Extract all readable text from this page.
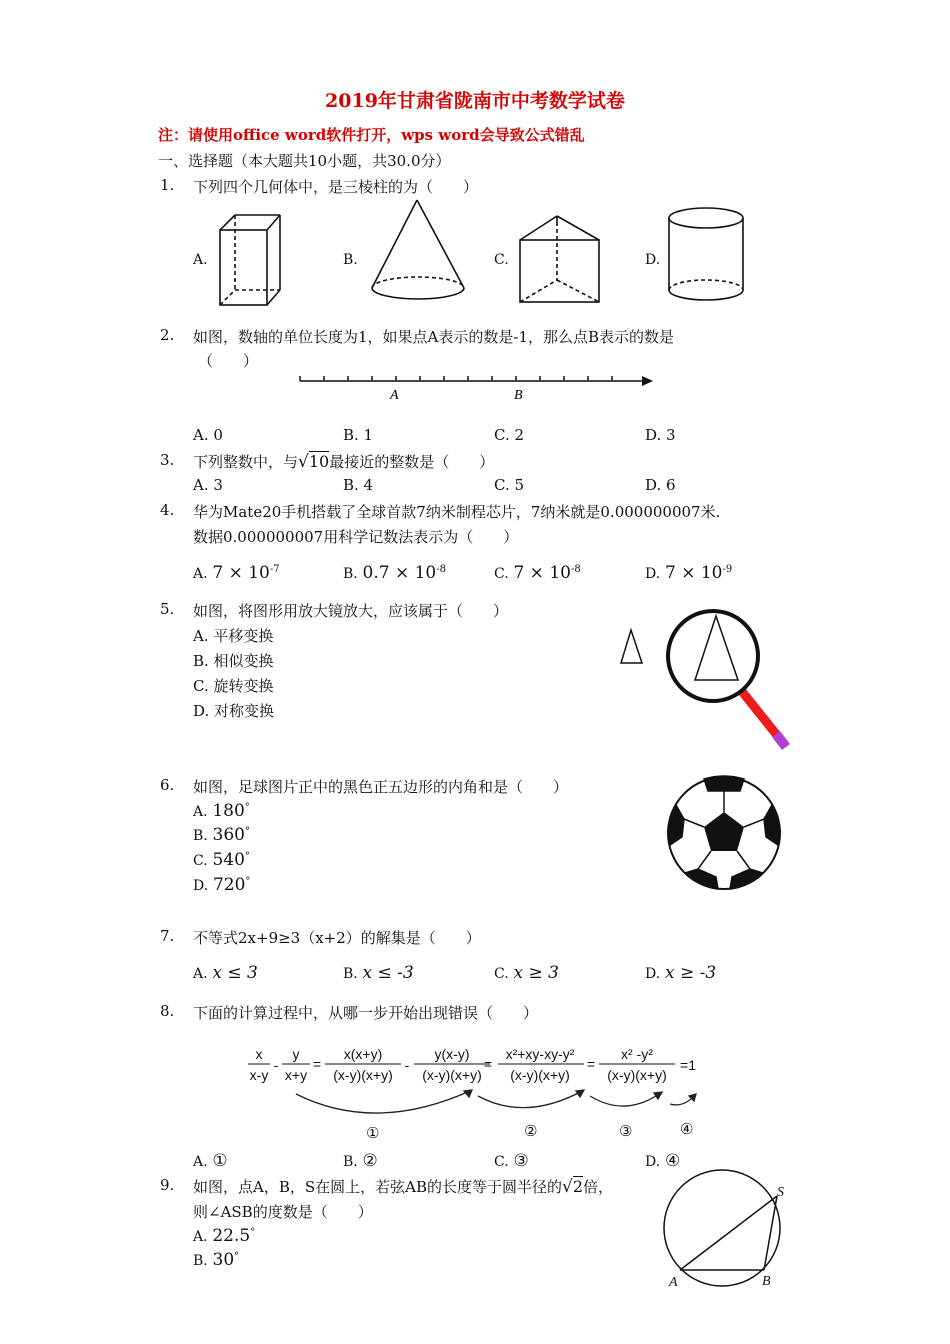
2019年甘肃省陇南市中考数学试卷
注：请使用office word软件打开，wps word会导致公式错乱
一、选择题（本大题共10小题，共30.0分）
1. 下列四个几何体中，是三棱柱的为（　　）
A.	B.	C.	D.
2. 如图，数轴的单位长度为1，如果点A表示的数是-1，那么点B表示的数是
（　　）
A	B
A. 0	B. 1	C. 2	D. 3
3. 下列整数中，与√10最接近的整数是（　　）
A. 3	B. 4	C. 5	D. 6
4. 华为Mate20手机搭载了全球首款7纳米制程芯片，7纳米就是0.000000007米.
数据0.000000007用科学记数法表示为（　　）
A. $7 \times 10^{-7}$	B. $0.7 \times 10^{-8}$	C. $7 \times 10^{-8}$	D. $7 \times 10^{-9}$
5. 如图，将图形用放大镜放大，应该属于（　　）
A. 平移变换
B. 相似变换
C. 旋转变换
D. 对称变换
6. 如图，足球图片正中的黑色正五边形的内角和是（　　）
A. 180°
B. 360°
C. 540°
D. 720°
7. 不等式2x+9≥3（x+2）的解集是（　　）
A. x ≤ 3	B. x ≤ -3	C. x ≥ 3	D. x ≥ -3
8. 下面的计算过程中，从哪一步开始出现错误（　　）
x
x-y
-
y
x+y
=
x(x+y)
(x-y)(x+y)
-
y(x-y)
(x-y)(x+y)
=
x²+xy-xy-y²
(x-y)(x+y)
=
x² -y²
(x-y)(x+y)
=1
①	②	③	④
A. ①	B. ②	C. ③	D. ④
9. 如图，点A，B，S在圆上，若弦AB的长度等于圆半径的√2倍，
则∠ASB的度数是（　　）
A. 22.5°
B. 30°
A	B
S
